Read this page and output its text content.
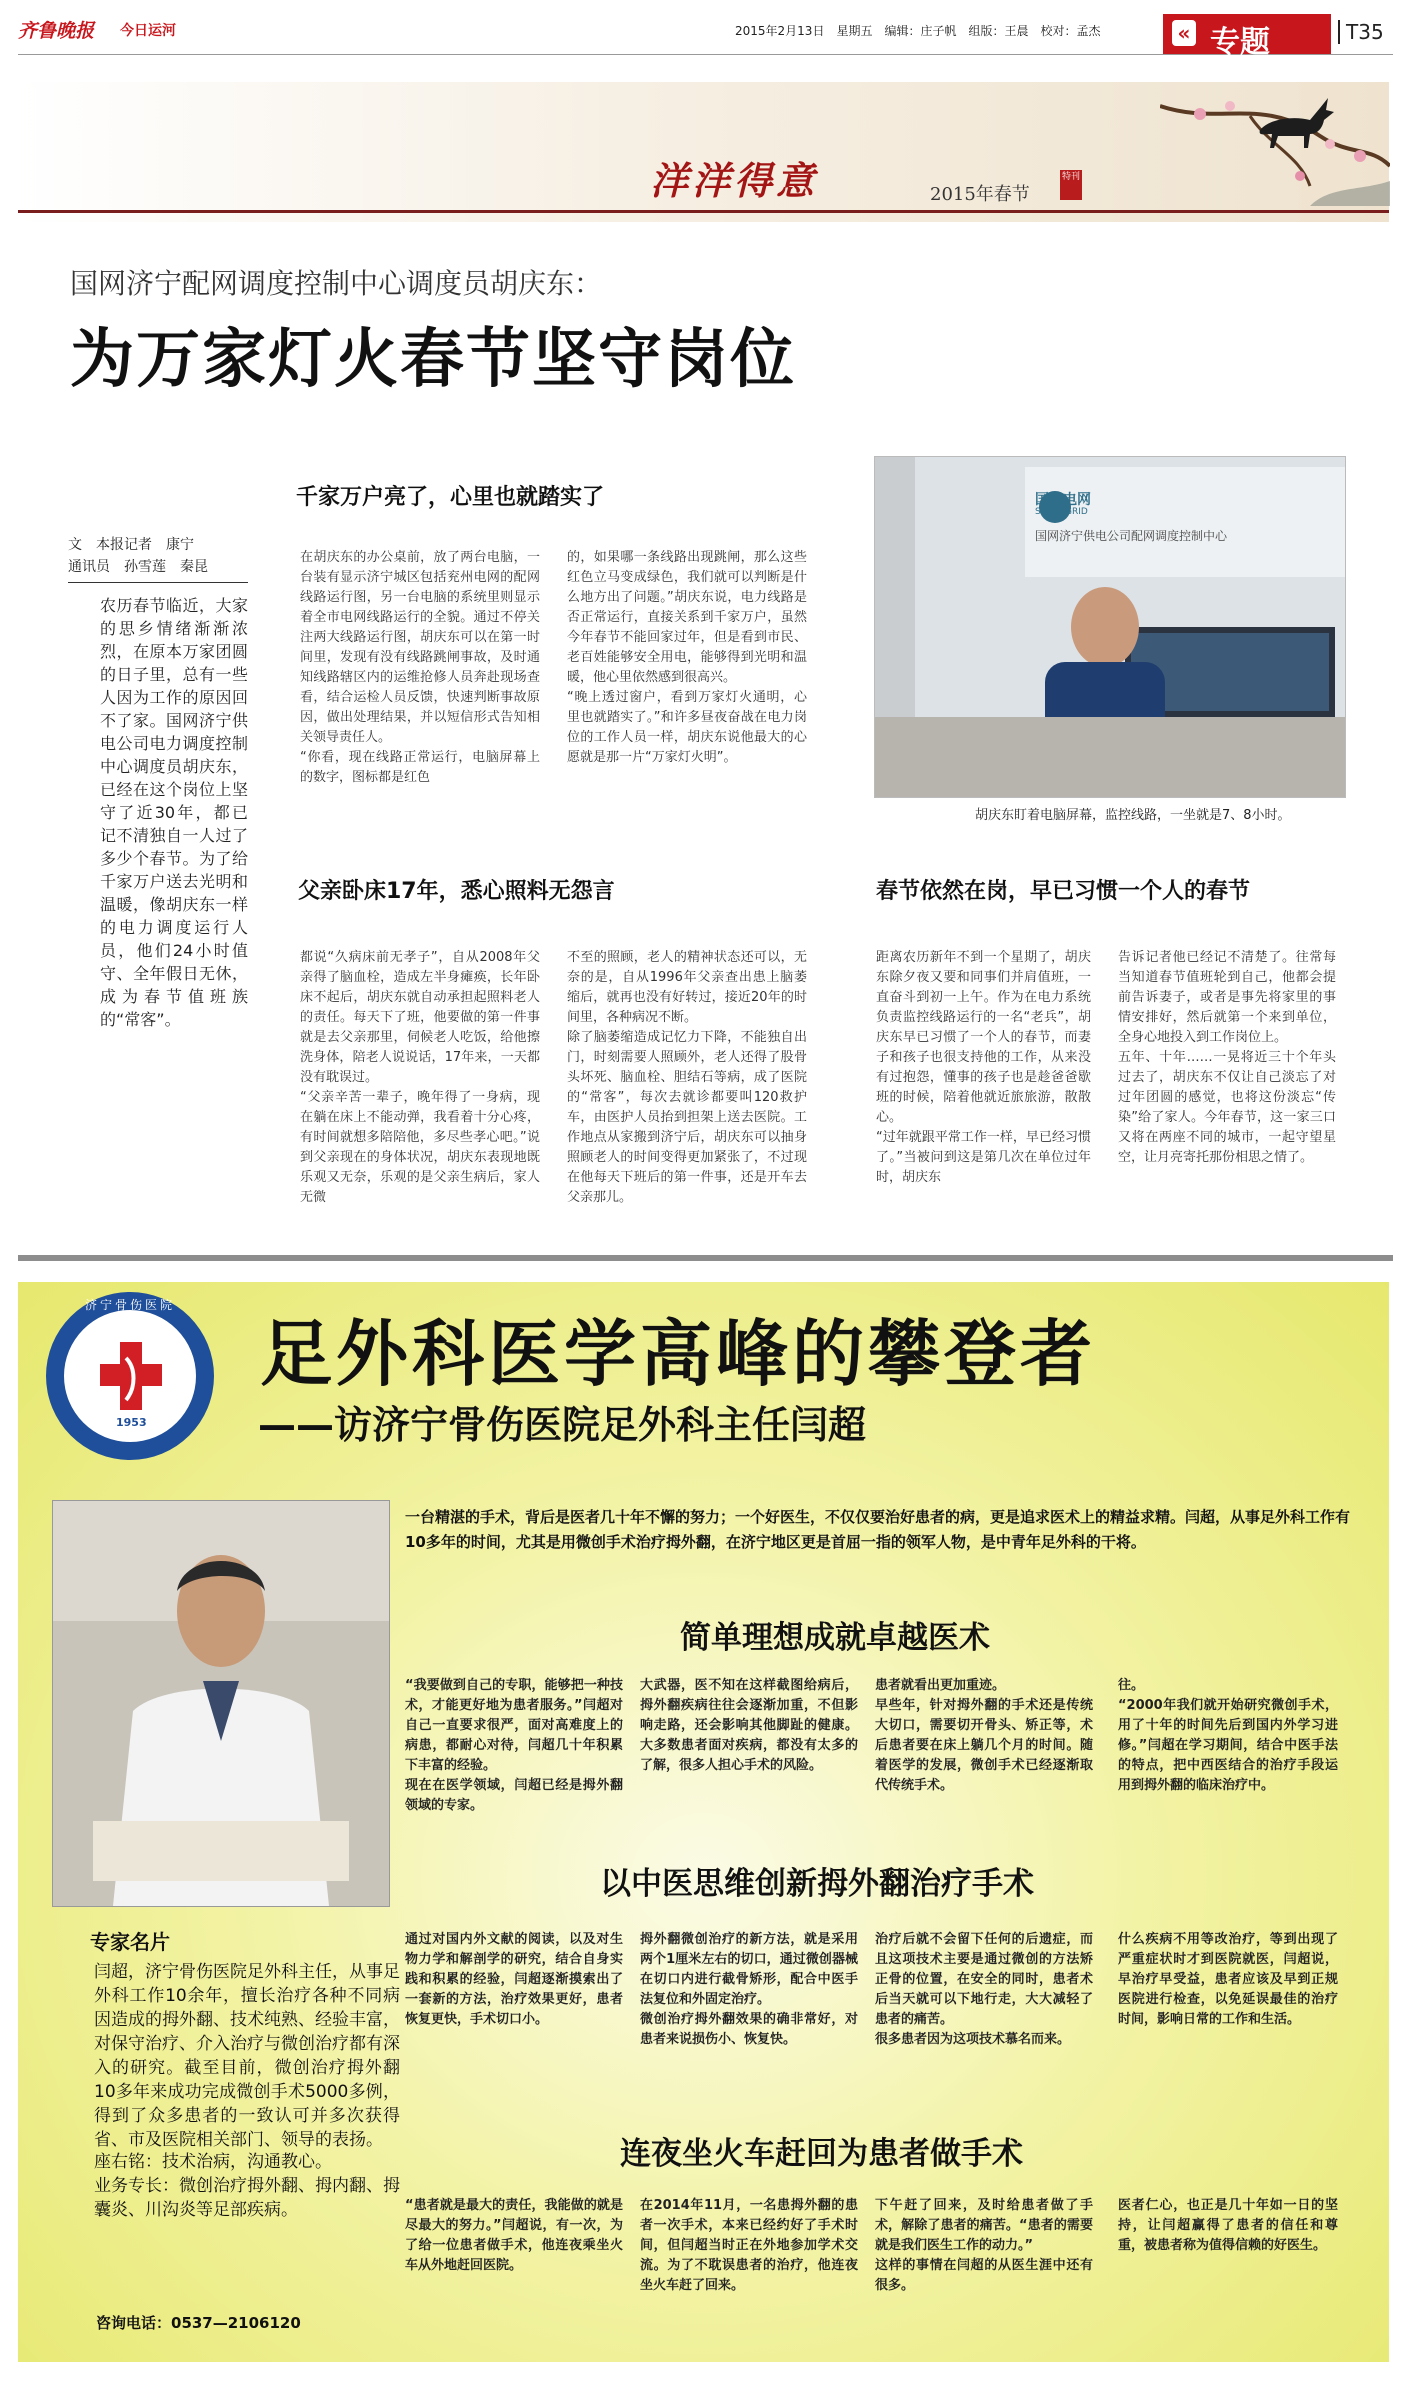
齐鲁晚报 今日运河	2015年2月13日　星期五　编辑：庄子帆　组版：王晨　校对：孟杰	« 专题	T35
洋洋得意	2015年春节
特刊
国网济宁配网调度控制中心调度员胡庆东：
为万家灯火春节坚守岗位
千家万户亮了，心里也就踏实了
文　本报记者　康宁
通讯员　孙雪莲　秦昆
农历春节临近，大家的思乡情绪渐渐浓烈，在原本万家团圆的日子里，总有一些人因为工作的原因回不了家。国网济宁供电公司电力调度控制中心调度员胡庆东，已经在这个岗位上坚守了近30年，都已记不清独自一人过了多少个春节。为了给千家万户送去光明和温暖，像胡庆东一样的电力调度运行人员，他们24小时值守、全年假日无休，成为春节值班族的“常客”。
在胡庆东的办公桌前，放了两台电脑，一台装有显示济宁城区包括兖州电网的配网线路运行图，另一台电脑的系统里则显示着全市电网线路运行的全貌。通过不停关注两大线路运行图，胡庆东可以在第一时间里，发现有没有线路跳闸事故，及时通知线路辖区内的运维抢修人员奔赴现场查看，结合运检人员反馈，快速判断事故原因，做出处理结果，并以短信形式告知相关领导责任人。
“你看，现在线路正常运行，电脑屏幕上的数字，图标都是红色
的，如果哪一条线路出现跳闸，那么这些红色立马变成绿色，我们就可以判断是什么地方出了问题。”胡庆东说，电力线路是否正常运行，直接关系到千家万户，虽然今年春节不能回家过年，但是看到市民、老百姓能够安全用电，能够得到光明和温暖，他心里依然感到很高兴。
“晚上透过窗户，看到万家灯火通明，心里也就踏实了。”和许多昼夜奋战在电力岗位的工作人员一样，胡庆东说他最大的心愿就是那一片“万家灯火明”。
国家电网
STATE GRID
国网济宁供电公司配网调度控制中心
胡庆东盯着电脑屏幕，监控线路，一坐就是7、8小时。
父亲卧床17年，悉心照料无怨言	春节依然在岗，早已习惯一个人的春节
都说“久病床前无孝子”，自从2008年父亲得了脑血栓，造成左半身瘫痪，长年卧床不起后，胡庆东就自动承担起照料老人的责任。每天下了班，他要做的第一件事就是去父亲那里，伺候老人吃饭，给他擦洗身体，陪老人说说话，17年来，一天都没有耽误过。
“父亲辛苦一辈子，晚年得了一身病，现在躺在床上不能动弹，我看着十分心疼，有时间就想多陪陪他，多尽些孝心吧。”说到父亲现在的身体状况，胡庆东表现地既乐观又无奈，乐观的是父亲生病后，家人无微
不至的照顾，老人的精神状态还可以，无奈的是，自从1996年父亲查出患上脑萎缩后，就再也没有好转过，接近20年的时间里，各种病况不断。
除了脑萎缩造成记忆力下降，不能独自出门，时刻需要人照顾外，老人还得了股骨头坏死、脑血栓、胆结石等病，成了医院的“常客”，每次去就诊都要叫120救护车，由医护人员抬到担架上送去医院。工作地点从家搬到济宁后，胡庆东可以抽身照顾老人的时间变得更加紧张了，不过现在他每天下班后的第一件事，还是开车去父亲那儿。
距离农历新年不到一个星期了，胡庆东除夕夜又要和同事们并肩值班，一直奋斗到初一上午。作为在电力系统负责监控线路运行的一名“老兵”，胡庆东早已习惯了一个人的春节，而妻子和孩子也很支持他的工作，从来没有过抱怨，懂事的孩子也是趁爸爸歇班的时候，陪着他就近旅旅游，散散心。
“过年就跟平常工作一样，早已经习惯了。”当被问到这是第几次在单位过年时，胡庆东
告诉记者他已经记不清楚了。往常每当知道春节值班轮到自己，他都会提前告诉妻子，或者是事先将家里的事情安排好，然后就第一个来到单位，全身心地投入到工作岗位上。
五年、十年……一晃将近三十个年头过去了，胡庆东不仅让自己淡忘了对过年团圆的感觉，也将这份淡忘“传染”给了家人。今年春节，这一家三口又将在两座不同的城市，一起守望星空，让月亮寄托那份相思之情了。
济宁骨伤医院
1953
足外科医学高峰的攀登者
——访济宁骨伤医院足外科主任闫超
一台精湛的手术，背后是医者几十年不懈的努力；一个好医生，不仅仅要治好患者的病，更是追求医术上的精益求精。闫超，从事足外科工作有10多年的时间，尤其是用微创手术治疗拇外翻，在济宁地区更是首屈一指的领军人物，是中青年足外科的干将。
简单理想成就卓越医术
“我要做到自己的专职，能够把一种技术，才能更好地为患者服务。”闫超对自己一直要求很严，面对高难度上的病患，都耐心对待，闫超几十年积累下丰富的经验。
现在在医学领域，闫超已经是拇外翻领域的专家。
大武器，医不知在这样截图给病后，拇外翻疾病往往会逐渐加重，不但影响走路，还会影响其他脚趾的健康。大多数患者面对疾病，都没有太多的了解，很多人担心手术的风险。
患者就看出更加重迹。
早些年，针对拇外翻的手术还是传统大切口，需要切开骨头、矫正等，术后患者要在床上躺几个月的时间。随着医学的发展，微创手术已经逐渐取代传统手术。
往。
“2000年我们就开始研究微创手术，用了十年的时间先后到国内外学习进修。”闫超在学习期间，结合中医手法的特点，把中西医结合的治疗手段运用到拇外翻的临床治疗中。
以中医思维创新拇外翻治疗手术
通过对国内外文献的阅读，以及对生物力学和解剖学的研究，结合自身实践和积累的经验，闫超逐渐摸索出了一套新的方法，治疗效果更好，患者恢复更快，手术切口小。
拇外翻微创治疗的新方法，就是采用两个1厘米左右的切口，通过微创器械在切口内进行截骨矫形，配合中医手法复位和外固定治疗。
微创治疗拇外翻效果的确非常好，对患者来说损伤小、恢复快。
治疗后就不会留下任何的后遗症，而且这项技术主要是通过微创的方法矫正骨的位置，在安全的同时，患者术后当天就可以下地行走，大大减轻了患者的痛苦。
很多患者因为这项技术慕名而来。
什么疾病不用等改治疗，等到出现了严重症状时才到医院就医，闫超说，早治疗早受益，患者应该及早到正规医院进行检查，以免延误最佳的治疗时间，影响日常的工作和生活。
连夜坐火车赶回为患者做手术
“患者就是最大的责任，我能做的就是尽最大的努力。”闫超说，有一次，为了给一位患者做手术，他连夜乘坐火车从外地赶回医院。
在2014年11月，一名患拇外翻的患者一次手术，本来已经约好了手术时间，但闫超当时正在外地参加学术交流。为了不耽误患者的治疗，他连夜坐火车赶了回来。
下午赶了回来，及时给患者做了手术，解除了患者的痛苦。“患者的需要就是我们医生工作的动力。”
这样的事情在闫超的从医生涯中还有很多。
医者仁心，也正是几十年如一日的坚持，让闫超赢得了患者的信任和尊重，被患者称为值得信赖的好医生。
专家名片
闫超，济宁骨伤医院足外科主任，从事足外科工作10余年，擅长治疗各种不同病因造成的拇外翻、技术纯熟、经验丰富，对保守治疗、介入治疗与微创治疗都有深入的研究。截至目前，微创治疗拇外翻10多年来成功完成微创手术5000多例，得到了众多患者的一致认可并多次获得省、市及医院相关部门、领导的表扬。
座右铭：技术治病，沟通教心。
业务专长：微创治疗拇外翻、拇内翻、拇囊炎、川沟炎等足部疾病。
咨询电话：0537—2106120
